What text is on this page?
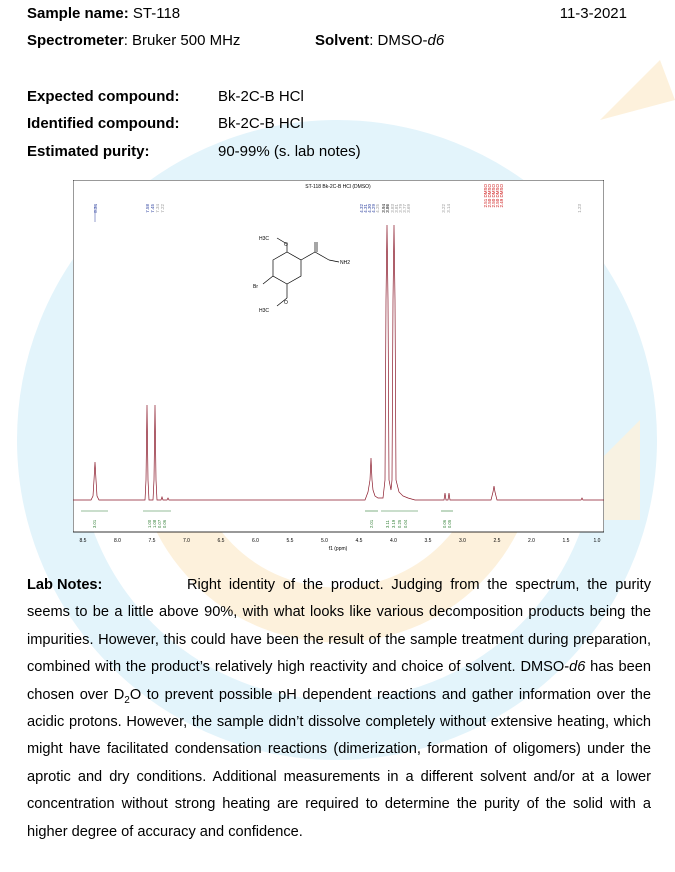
Sample name: ST-118	11-3-2021
Spectrometer: Bruker 500 MHz	Solvent: DMSO-d6
Expected compound:	Bk-2C-B HCl
Identified compound:	Bk-2C-B HCl
Estimated purity:	90-99% (s. lab notes)
ST-118 Bk-2C-B HCl (DMSO)
8.34	7.58 7.45 7.34 7.22	4.32 4.31 4.30 4.29 4.25 3.94 3.86 3.83 3.81 3.79 3.77 3.69	3.22 3.14
2.51 DMSO 2.50 DMSO 2.50 DMSO 2.50 DMSO 2.49 DMSO
1.23
H3C
O
NH2
Br
O
H3C
3.01	1.00 1.08 0.07 0.06	2.01	3.11 3.19 0.25 0.04	0.06 0.05
8.5	8.0	7.5	7.0	6.5	6.0	5.5	5.0	4.5	4.0	3.5	3.0	2.5	2.0	1.5	1.0
f1 (ppm)
Lab Notes:	Right identity of the product. Judging from the spectrum, the purity seems to be a little above 90%, with what looks like various decomposition products being the impurities. However, this could have been the result of the sample treatment during preparation, combined with the product’s relatively high reactivity and choice of solvent. DMSO-d6 has been chosen over $D_2O$ to prevent possible pH dependent reactions and gather information over the acidic protons. However, the sample didn’t dissolve completely without extensive heating, which might have facilitated condensation reactions (dimerization, formation of oligomers) under the aprotic and dry conditions. Additional measurements in a different solvent and/or at a lower concentration without strong heating are required to determine the purity of the solid with a higher degree of accuracy and confidence.
